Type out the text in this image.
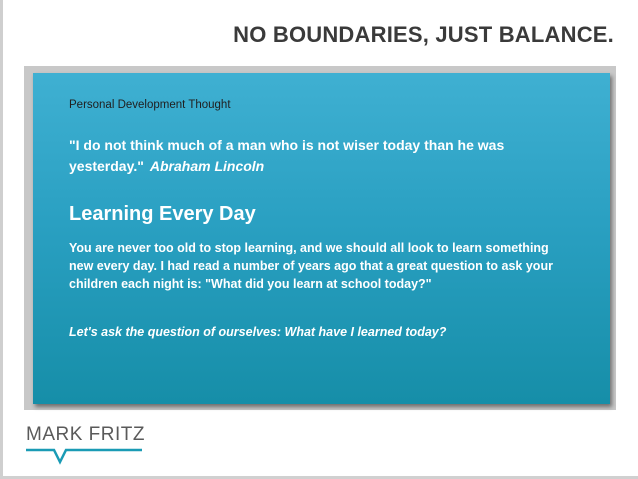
NO BOUNDARIES, JUST BALANCE.
Personal Development Thought
"I do not think much of a man who is not wiser today than he was yesterday." Abraham Lincoln
Learning Every Day
You are never too old to stop learning, and we should all look to learn something new every day. I had read a number of years ago that a great question to ask your children each night is: "What did you learn at school today?"
Let's ask the question of ourselves: What have I learned today?
MARK FRITZ
